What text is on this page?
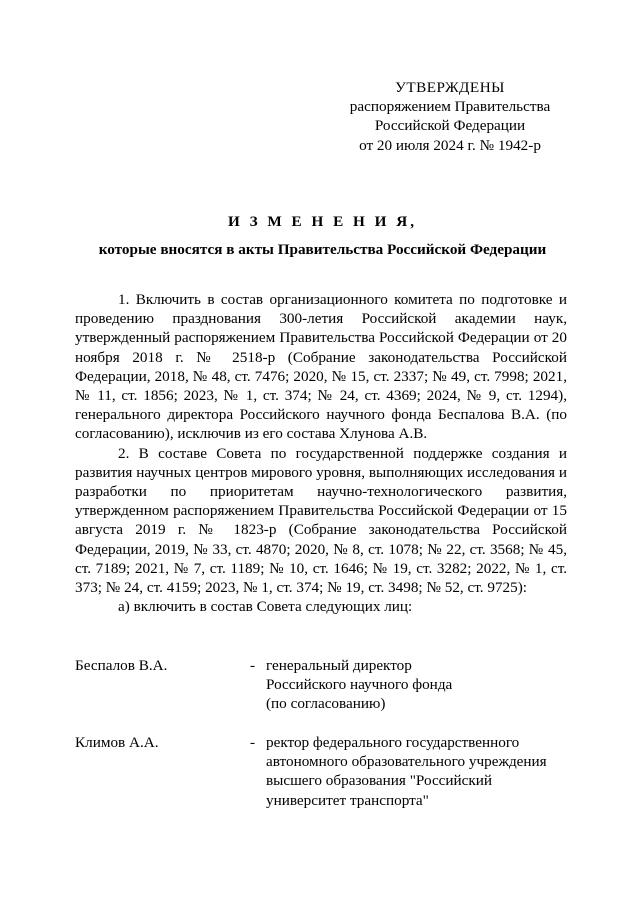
УТВЕРЖДЕНЫ
распоряжением Правительства
Российской Федерации
от 20 июля 2024 г. № 1942-р
И З М Е Н Е Н И Я,
которые вносятся в акты Правительства Российской Федерации

1. Включить в состав организационного комитета по подготовке и проведению празднования 300-летия Российской академии наук, утвержденный распоряжением Правительства Российской Федерации от 20 ноября 2018 г. № 2518-р (Собрание законодательства Российской Федерации, 2018, № 48, ст. 7476; 2020, № 15, ст. 2337; № 49, ст. 7998; 2021, № 11, ст. 1856; 2023, № 1, ст. 374; № 24, ст. 4369; 2024, № 9, ст. 1294), генерального директора Российского научного фонда Беспалова В.А. (по согласованию), исключив из его состава Хлунова А.В.

2. В составе Совета по государственной поддержке создания и развития научных центров мирового уровня, выполняющих исследования и разработки по приоритетам научно-технологического развития, утвержденном распоряжением Правительства Российской Федерации от 15 августа 2019 г. № 1823-р (Собрание законодательства Российской Федерации, 2019, № 33, ст. 4870; 2020, № 8, ст. 1078; № 22, ст. 3568; № 45, ст. 7189; 2021, № 7, ст. 1189; № 10, ст. 1646; № 19, ст. 3282; 2022, № 1, ст. 373; № 24, ст. 4159; 2023, № 1, ст. 374; № 19, ст. 3498; № 52, ст. 9725):

а) включить в состав Совета следующих лиц:

Беспалов В.А.	- генеральный директор
Российского научного фонда
(по согласованию)
Климов А.А.	- ректор федерального государственного
автономного образовательного учреждения
высшего образования "Российский
университет транспорта"
